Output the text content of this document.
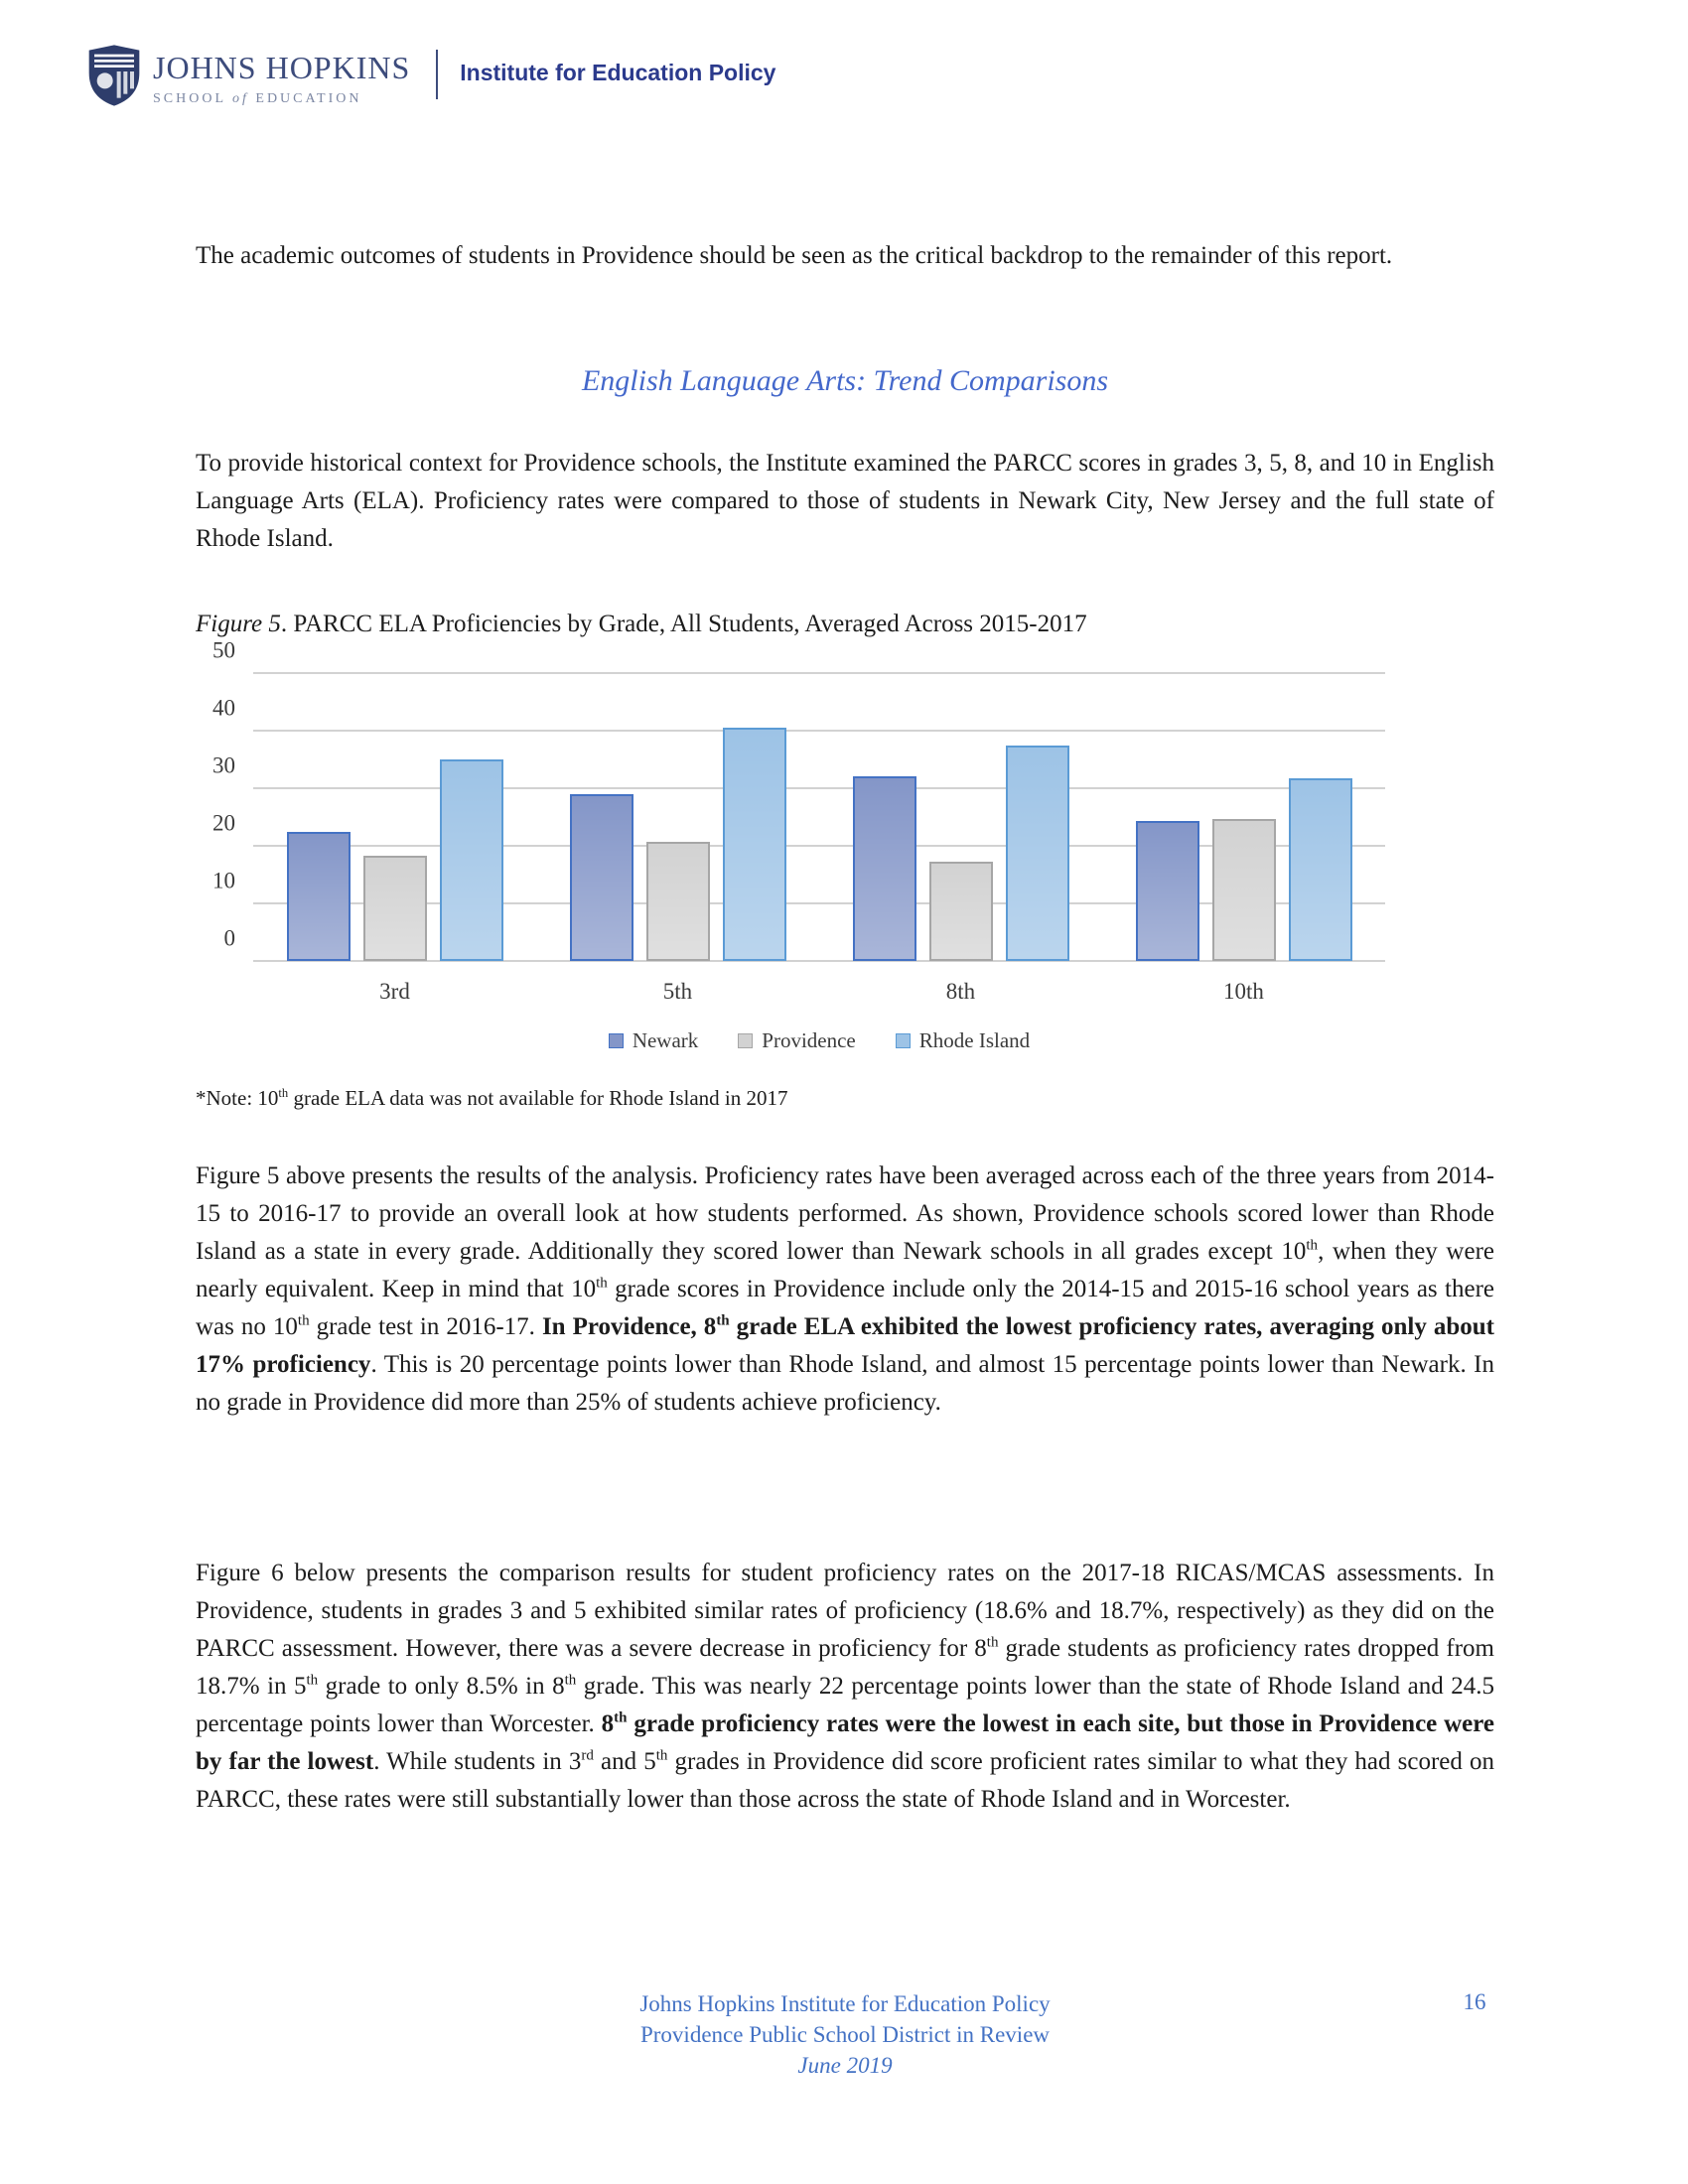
JOHNS HOPKINS
SCHOOL of EDUCATION
Institute for Education Policy
The academic outcomes of students in Providence should be seen as the critical backdrop to the remainder of this report.
English Language Arts: Trend Comparisons
To provide historical context for Providence schools, the Institute examined the PARCC scores in grades 3, 5, 8, and 10 in English Language Arts (ELA). Proficiency rates were compared to those of students in Newark City, New Jersey and the full state of Rhode Island.
Figure 5. PARCC ELA Proficiencies by Grade, All Students, Averaged Across 2015-2017
0
10
20
30
40
50
3rd	5th	8th	10th
Newark	Providence	Rhode Island
*Note: 10th grade ELA data was not available for Rhode Island in 2017
Figure 5 above presents the results of the analysis. Proficiency rates have been averaged across each of the three years from 2014-15 to 2016-17 to provide an overall look at how students performed. As shown, Providence schools scored lower than Rhode Island as a state in every grade. Additionally they scored lower than Newark schools in all grades except 10th, when they were nearly equivalent. Keep in mind that 10th grade scores in Providence include only the 2014-15 and 2015-16 school years as there was no 10th grade test in 2016-17. In Providence, 8th grade ELA exhibited the lowest proficiency rates, averaging only about 17% proficiency. This is 20 percentage points lower than Rhode Island, and almost 15 percentage points lower than Newark. In no grade in Providence did more than 25% of students achieve proficiency.
Figure 6 below presents the comparison results for student proficiency rates on the 2017-18 RICAS/MCAS assessments. In Providence, students in grades 3 and 5 exhibited similar rates of proficiency (18.6% and 18.7%, respectively) as they did on the PARCC assessment. However, there was a severe decrease in proficiency for 8th grade students as proficiency rates dropped from 18.7% in 5th grade to only 8.5% in 8th grade. This was nearly 22 percentage points lower than the state of Rhode Island and 24.5 percentage points lower than Worcester. 8th grade proficiency rates were the lowest in each site, but those in Providence were by far the lowest. While students in 3rd and 5th grades in Providence did score proficient rates similar to what they had scored on PARCC, these rates were still substantially lower than those across the state of Rhode Island and in Worcester.
Johns Hopkins Institute for Education Policy
Providence Public School District in Review
June 2019
16
